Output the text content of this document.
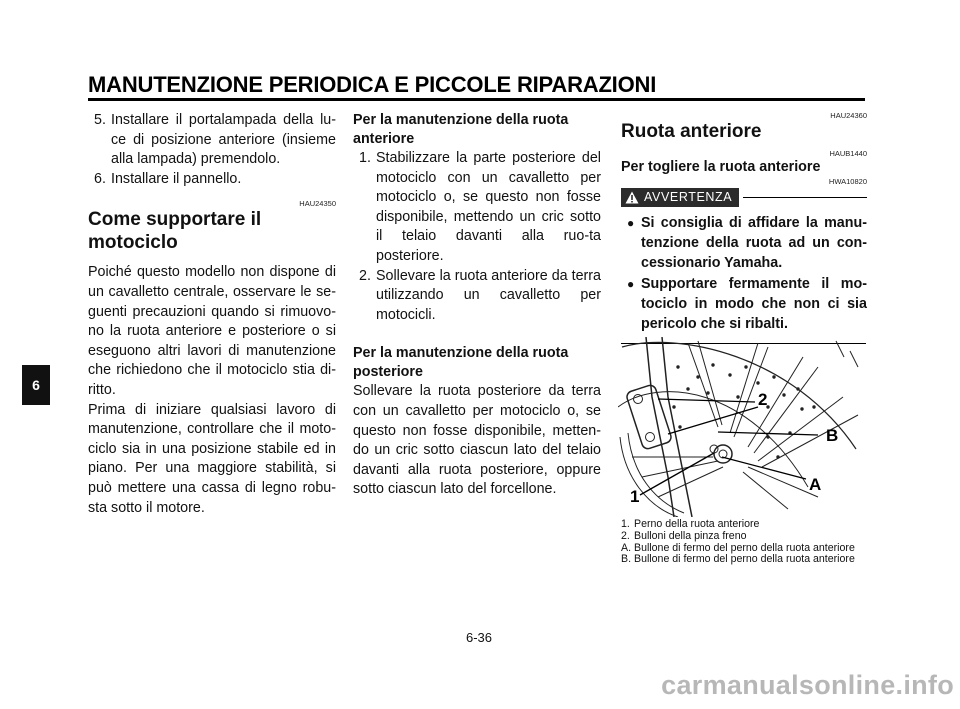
MANUTENZIONE PERIODICA E PICCOLE RIPARAZIONI
6
5. Installare il portalampada della lu-ce di posizione anteriore (insieme alla lampada) premendolo.
6. Installare il pannello.
HAU24350
Come supportare il motociclo

Poiché questo modello non dispone di un cavalletto centrale, osservare le se-guenti precauzioni quando si rimuovo-no la ruota anteriore e posteriore o si eseguono altri lavori di manutenzione che richiedono che il motociclo stia di-ritto.

Prima di iniziare qualsiasi lavoro di manutenzione, controllare che il moto-ciclo sia in una posizione stabile ed in piano. Per una maggiore stabilità, si può mettere una cassa di legno robu-sta sotto il motore.

Per la manutenzione della ruota anteriore
1. Stabilizzare la parte posteriore del motociclo con un cavalletto per motociclo o, se questo non fosse disponibile, mettendo un cric sotto il telaio davanti alla ruo-ta posteriore.
2. Sollevare la ruota anteriore da terra utilizzando un cavalletto per motocicli.
Per la manutenzione della ruota posteriore

Sollevare la ruota posteriore da terra con un cavalletto per motociclo o, se questo non fosse disponibile, metten-do un cric sotto ciascun lato del telaio davanti alla ruota posteriore, oppure sotto ciascun lato del forcellone.

HAU24360
Ruota anteriore
HAUB1440
Per togliere la ruota anteriore
HWA10820
AVVERTENZA
● Si consiglia di affidare la manu-tenzione della ruota ad un con-cessionario Yamaha.
● Supportare fermamente il mo-tociclo in modo che non ci sia pericolo che si ribalti.
2
B
A
1
1. Perno della ruota anteriore
2. Bulloni della pinza freno
A. Bullone di fermo del perno della ruota anteriore
B. Bullone di fermo del perno della ruota anteriore
6-36
carmanualsonline.info
